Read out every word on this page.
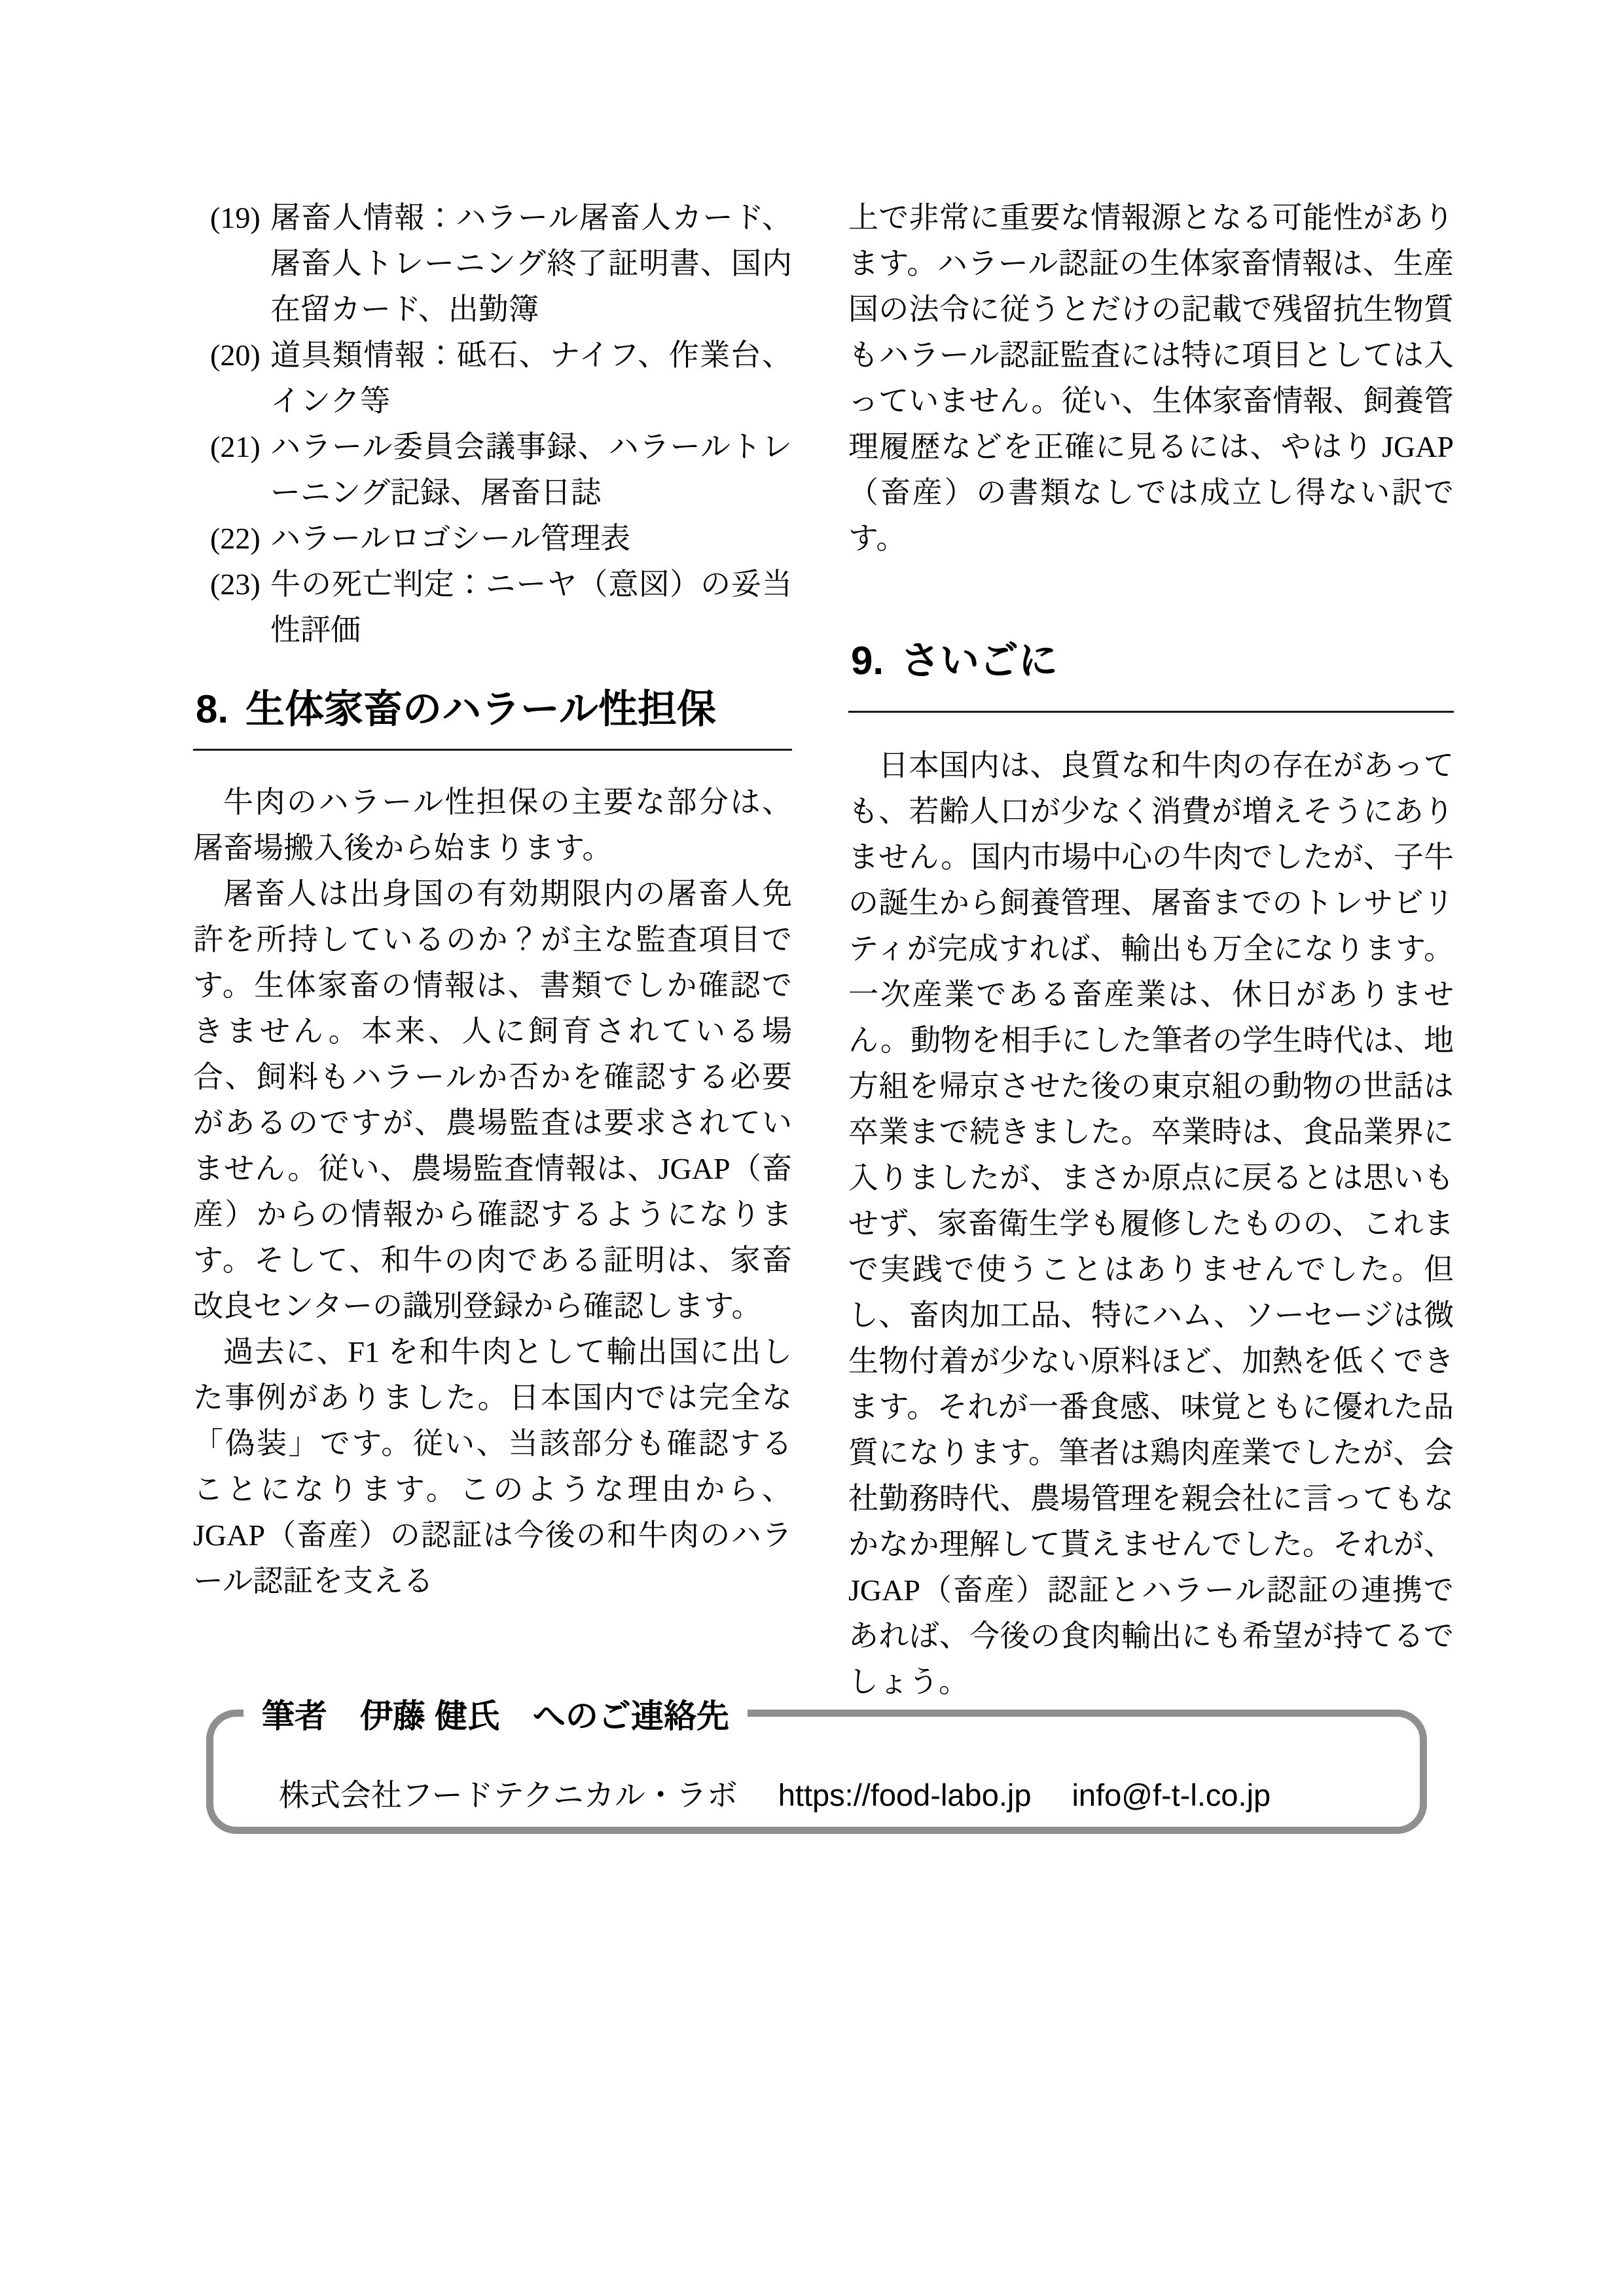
(19) 屠畜人情報：ハラール屠畜人カード、屠畜人トレーニング終了証明書、国内在留カード、出勤簿
(20) 道具類情報：砥石、ナイフ、作業台、インク等
(21) ハラール委員会議事録、ハラールトレーニング記録、屠畜日誌
(22) ハラールロゴシール管理表
(23) 牛の死亡判定：ニーヤ（意図）の妥当性評価
8. 生体家畜のハラール性担保

牛肉のハラール性担保の主要な部分は、屠畜場搬入後から始まります。

屠畜人は出身国の有効期限内の屠畜人免許を所持しているのか？が主な監査項目です。生体家畜の情報は、書類でしか確認できません。本来、人に飼育されている場合、飼料もハラールか否かを確認する必要があるのですが、農場監査は要求されていません。従い、農場監査情報は、JGAP（畜産）からの情報から確認するようになります。そして、和牛の肉である証明は、家畜改良センターの識別登録から確認します。

過去に、F1 を和牛肉として輸出国に出した事例がありました。日本国内では完全な「偽装」です。従い、当該部分も確認することになります。このような理由から、JGAP（畜産）の認証は今後の和牛肉のハラール認証を支える

上で非常に重要な情報源となる可能性があります。ハラール認証の生体家畜情報は、生産国の法令に従うとだけの記載で残留抗生物質もハラール認証監査には特に項目としては入っていません。従い、生体家畜情報、飼養管理履歴などを正確に見るには、やはり JGAP（畜産）の書類なしでは成立し得ない訳です。

9. さいごに

日本国内は、良質な和牛肉の存在があっても、若齢人口が少なく消費が増えそうにありません。国内市場中心の牛肉でしたが、子牛の誕生から飼養管理、屠畜までのトレサビリティが完成すれば、輸出も万全になります。一次産業である畜産業は、休日がありません。動物を相手にした筆者の学生時代は、地方組を帰京させた後の東京組の動物の世話は卒業まで続きました。卒業時は、食品業界に入りましたが、まさか原点に戻るとは思いもせず、家畜衛生学も履修したものの、これまで実践で使うことはありませんでした。但し、畜肉加工品、特にハム、ソーセージは微生物付着が少ない原料ほど、加熱を低くできます。それが一番食感、味覚ともに優れた品質になります。筆者は鶏肉産業でしたが、会社勤務時代、農場管理を親会社に言ってもなかなか理解して貰えませんでした。それが、JGAP（畜産）認証とハラール認証の連携であれば、今後の食肉輸出にも希望が持てるでしょう。

筆者　伊藤 健氏　へのご連絡先
株式会社フードテクニカル・ラボ https://food-labo.jp info@f-t-l.co.jp
